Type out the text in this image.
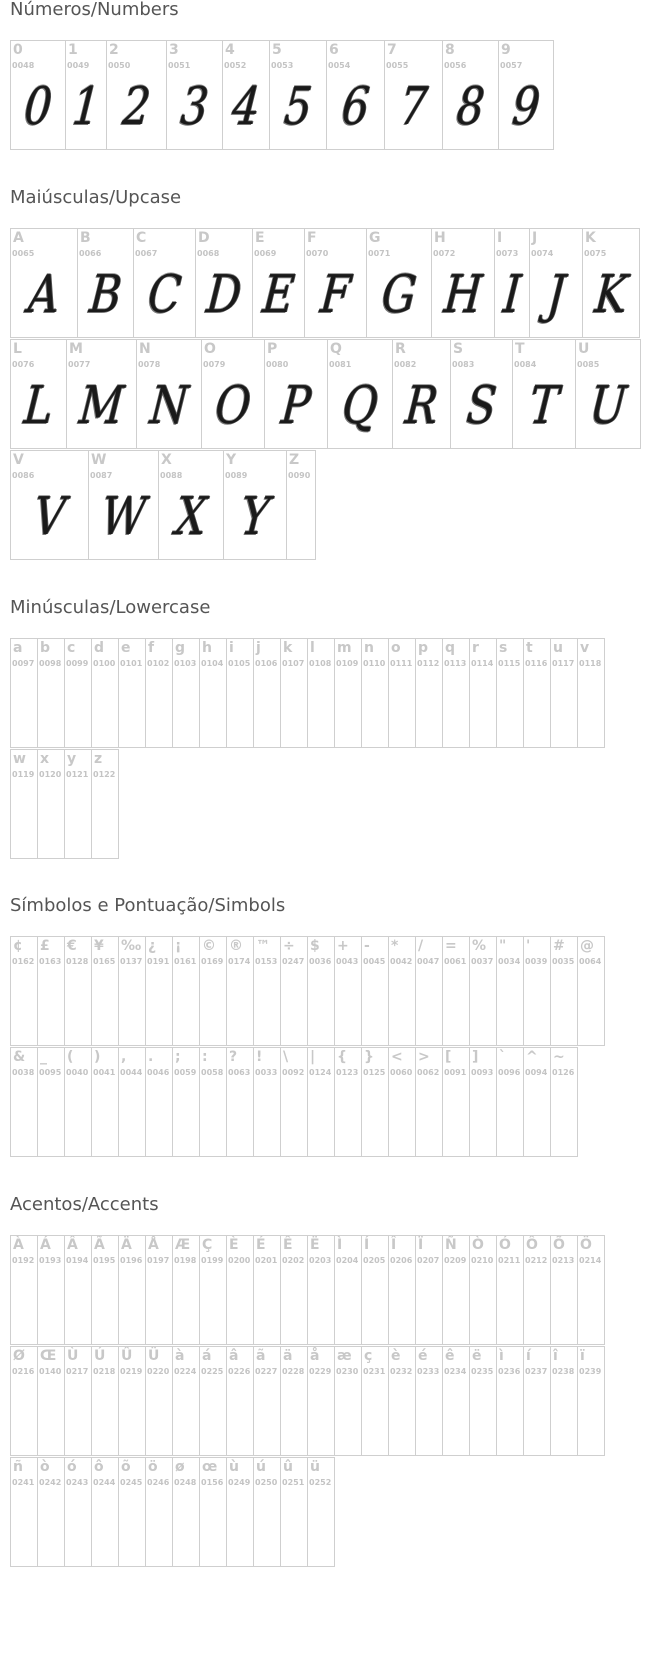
Números/Numbers
0
0048
0
1
0049
1
2
0050
2
3
0051
3
4
0052
4
5
0053
5
6
0054
6
7
0055
7
8
0056
8
9
0057
9
Maiúsculas/Upcase
A
0065
A
B
0066
B
C
0067
C
D
0068
D
E
0069
E
F
0070
F
G
0071
G
H
0072
H
I
0073
I
J
0074
J
K
0075
K
L
0076
L
M
0077
M
N
0078
N
O
0079
O
P
0080
P
Q
0081
Q
R
0082
R
S
0083
S
T
0084
T
U
0085
U
V
0086
V
W
0087
W
X
0088
X
Y
0089
Y
Z
0090
Minúsculas/Lowercase
a
0097
b
0098
c
0099
d
0100
e
0101
f
0102
g
0103
h
0104
i
0105
j
0106
k
0107
l
0108
m
0109
n
0110
o
0111
p
0112
q
0113
r
0114
s
0115
t
0116
u
0117
v
0118
w
0119
x
0120
y
0121
z
0122
Símbolos e Pontuação/Simbols
¢
0162
£
0163
€
0128
¥
0165
‰
0137
¿
0191
¡
0161
©
0169
®
0174
™
0153
÷
0247
$
0036
+
0043
-
0045
*
0042
/
0047
=
0061
%
0037
"
0034
'
0039
#
0035
@
0064
&
0038
_
0095
(
0040
)
0041
,
0044
.
0046
;
0059
:
0058
?
0063
!
0033
\
0092
|
0124
{
0123
}
0125
<
0060
>
0062
[
0091
]
0093
`
0096
^
0094
~
0126
Acentos/Accents
À
0192
Á
0193
Â
0194
Ã
0195
Ä
0196
Å
0197
Æ
0198
Ç
0199
È
0200
É
0201
Ê
0202
Ë
0203
Ì
0204
Í
0205
Î
0206
Ï
0207
Ñ
0209
Ò
0210
Ó
0211
Ô
0212
Õ
0213
Ö
0214
Ø
0216
Œ
0140
Ù
0217
Ú
0218
Û
0219
Ü
0220
à
0224
á
0225
â
0226
ã
0227
ä
0228
å
0229
æ
0230
ç
0231
è
0232
é
0233
ê
0234
ë
0235
ì
0236
í
0237
î
0238
ï
0239
ñ
0241
ò
0242
ó
0243
ô
0244
õ
0245
ö
0246
ø
0248
œ
0156
ù
0249
ú
0250
û
0251
ü
0252
